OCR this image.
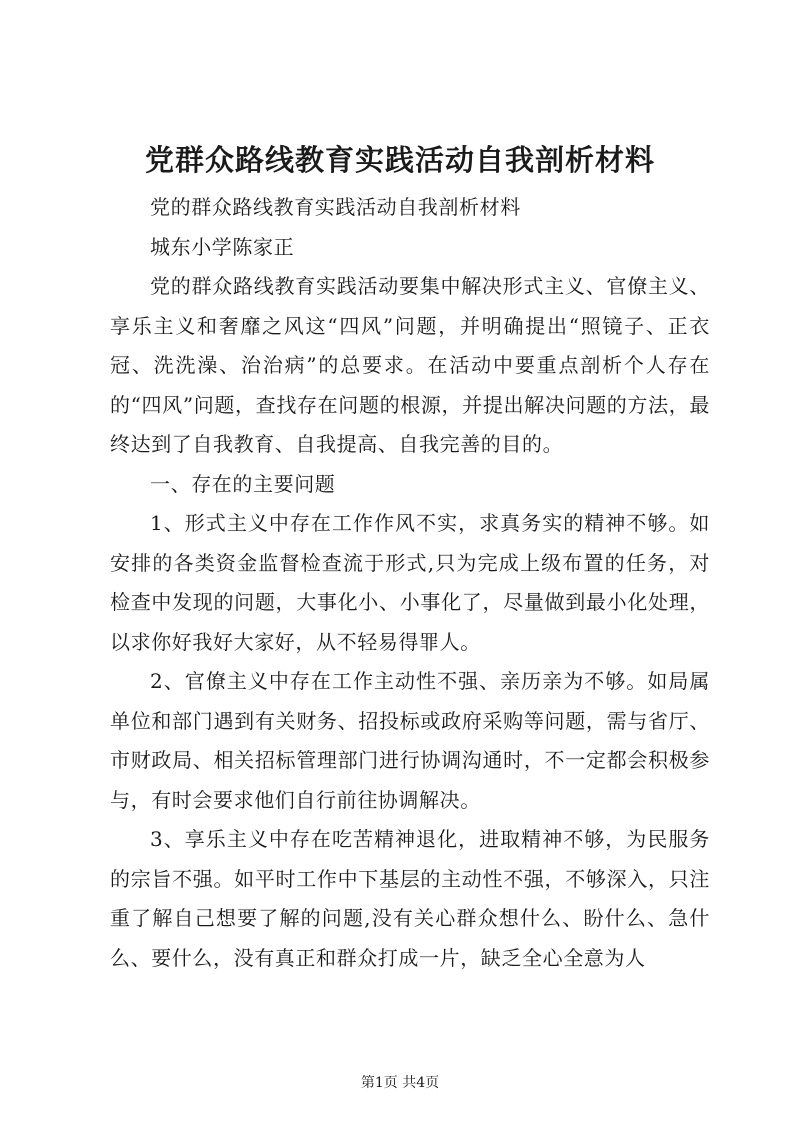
党群众路线教育实践活动自我剖析材料

党的群众路线教育实践活动自我剖析材料

城东小学陈家正

党的群众路线教育实践活动要集中解决形式主义、官僚主义、享乐主义和奢靡之风这“四风”问题，并明确提出“照镜子、正衣冠、洗洗澡、治治病”的总要求。在活动中要重点剖析个人存在的“四风”问题，查找存在问题的根源，并提出解决问题的方法，最终达到了自我教育、自我提高、自我完善的目的。

一、存在的主要问题

1、形式主义中存在工作作风不实，求真务实的精神不够。如安排的各类资金监督检查流于形式,只为完成上级布置的任务，对检查中发现的问题，大事化小、小事化了，尽量做到最小化处理，以求你好我好大家好，从不轻易得罪人。

2、官僚主义中存在工作主动性不强、亲历亲为不够。如局属单位和部门遇到有关财务、招投标或政府采购等问题，需与省厅、市财政局、相关招标管理部门进行协调沟通时，不一定都会积极参与，有时会要求他们自行前往协调解决。

3、享乐主义中存在吃苦精神退化，进取精神不够，为民服务的宗旨不强。如平时工作中下基层的主动性不强，不够深入，只注重了解自己想要了解的问题,没有关心群众想什么、盼什么、急什么、要什么，没有真正和群众打成一片，缺乏全心全意为人

第1页 共4页
